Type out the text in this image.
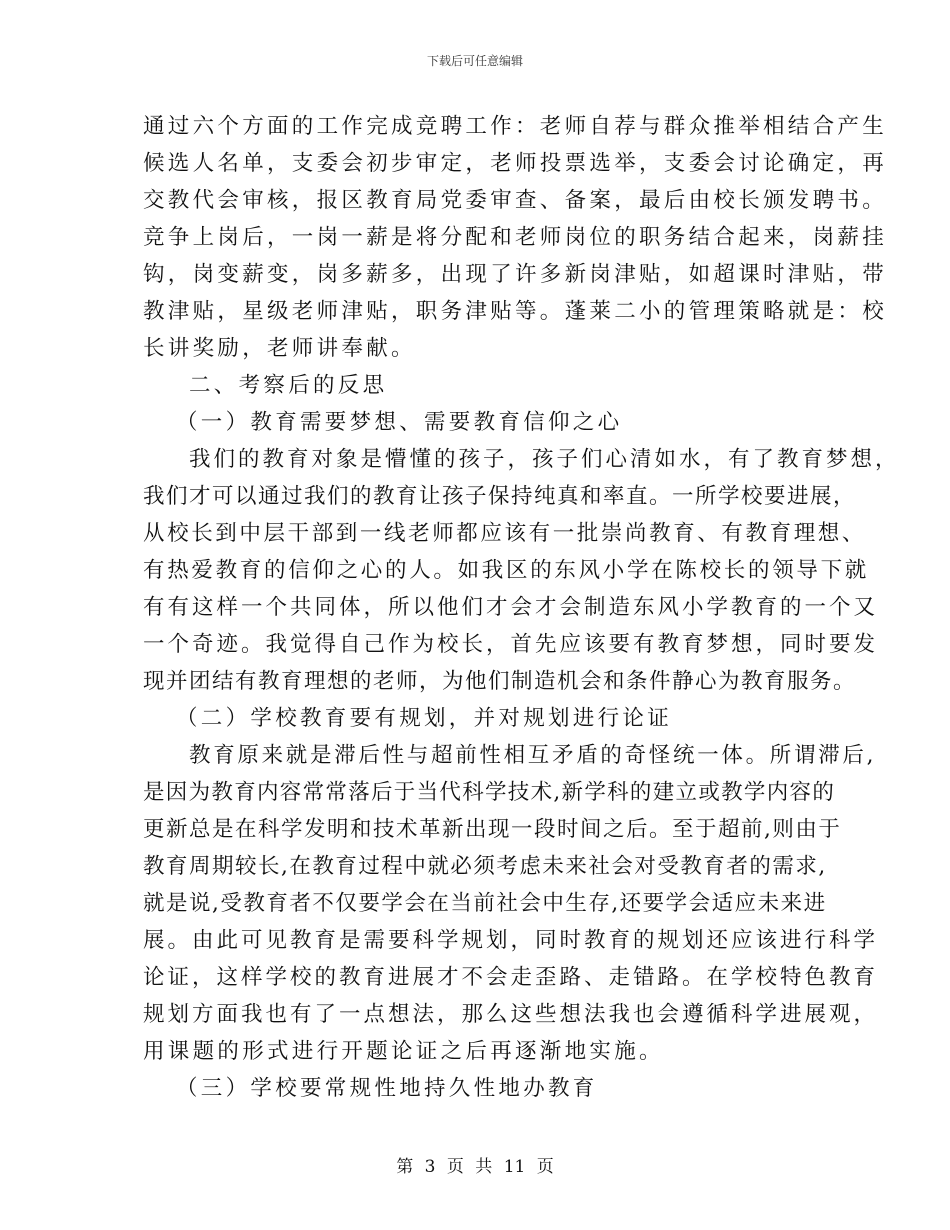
下载后可任意编辑
通过六个方面的工作完成竞聘工作：老师自荐与群众推举相结合产生
候选人名单，支委会初步审定，老师投票选举，支委会讨论确定，再
交教代会审核，报区教育局党委审查、备案，最后由校长颁发聘书。
竞争上岗后，一岗一薪是将分配和老师岗位的职务结合起来，岗薪挂
钩，岗变薪变，岗多薪多，出现了许多新岗津贴，如超课时津贴，带
教津贴，星级老师津贴，职务津贴等。蓬莱二小的管理策略就是：校
长讲奖励，老师讲奉献。
二、考察后的反思
（一）教育需要梦想、需要教育信仰之心
我们的教育对象是懵懂的孩子，孩子们心清如水，有了教育梦想，
我们才可以通过我们的教育让孩子保持纯真和率直。一所学校要进展，
从校长到中层干部到一线老师都应该有一批崇尚教育、有教育理想、
有热爱教育的信仰之心的人。如我区的东风小学在陈校长的领导下就
有有这样一个共同体，所以他们才会才会制造东风小学教育的一个又
一个奇迹。我觉得自己作为校长，首先应该要有教育梦想，同时要发
现并团结有教育理想的老师，为他们制造机会和条件静心为教育服务。
（二）学校教育要有规划，并对规划进行论证
教育原来就是滞后性与超前性相互矛盾的奇怪统一体。所谓滞后,
是因为教育内容常常落后于当代科学技术,新学科的建立或教学内容的
更新总是在科学发明和技术革新出现一段时间之后。至于超前,则由于
教育周期较长,在教育过程中就必须考虑未来社会对受教育者的需求,
就是说,受教育者不仅要学会在当前社会中生存,还要学会适应未来进
展。由此可见教育是需要科学规划，同时教育的规划还应该进行科学
论证，这样学校的教育进展才不会走歪路、走错路。在学校特色教育
规划方面我也有了一点想法，那么这些想法我也会遵循科学进展观，
用课题的形式进行开题论证之后再逐渐地实施。
（三）学校要常规性地持久性地办教育
第 3 页 共 11 页
